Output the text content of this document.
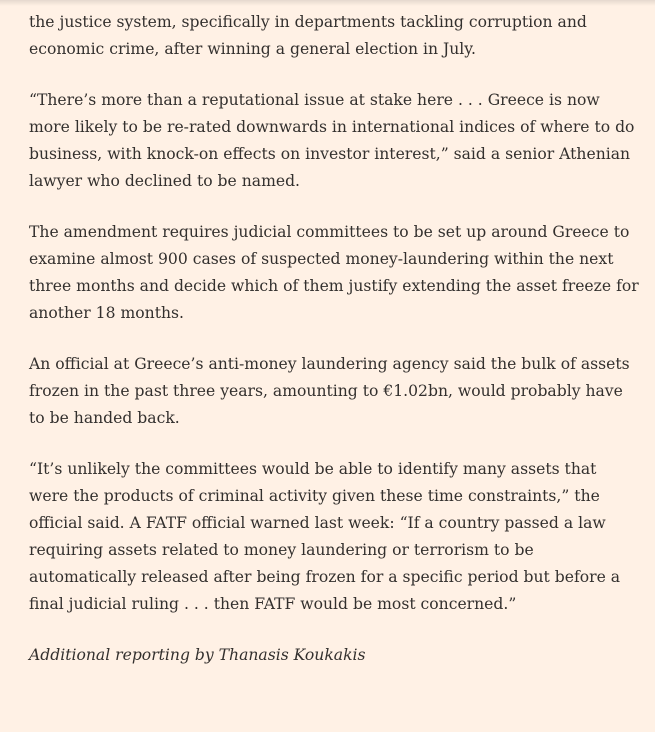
the justice system, specifically in departments tackling corruption and economic crime, after winning a general election in July.

“There’s more than a reputational issue at stake here . . . Greece is now more likely to be re-rated downwards in international indices of where to do business, with knock-on effects on investor interest,” said a senior Athenian lawyer who declined to be named.

The amendment requires judicial committees to be set up around Greece to examine almost 900 cases of suspected money-laundering within the next three months and decide which of them justify extending the asset freeze for another 18 months.

An official at Greece’s anti-money laundering agency said the bulk of assets frozen in the past three years, amounting to €1.02bn, would probably have to be handed back.

“It’s unlikely the committees would be able to identify many assets that were the products of criminal activity given these time constraints,” the official said. A FATF official warned last week: “If a country passed a law requiring assets related to money laundering or terrorism to be automatically released after being frozen for a specific period but before a final judicial ruling . . . then FATF would be most concerned.”

Additional reporting by Thanasis Koukakis
